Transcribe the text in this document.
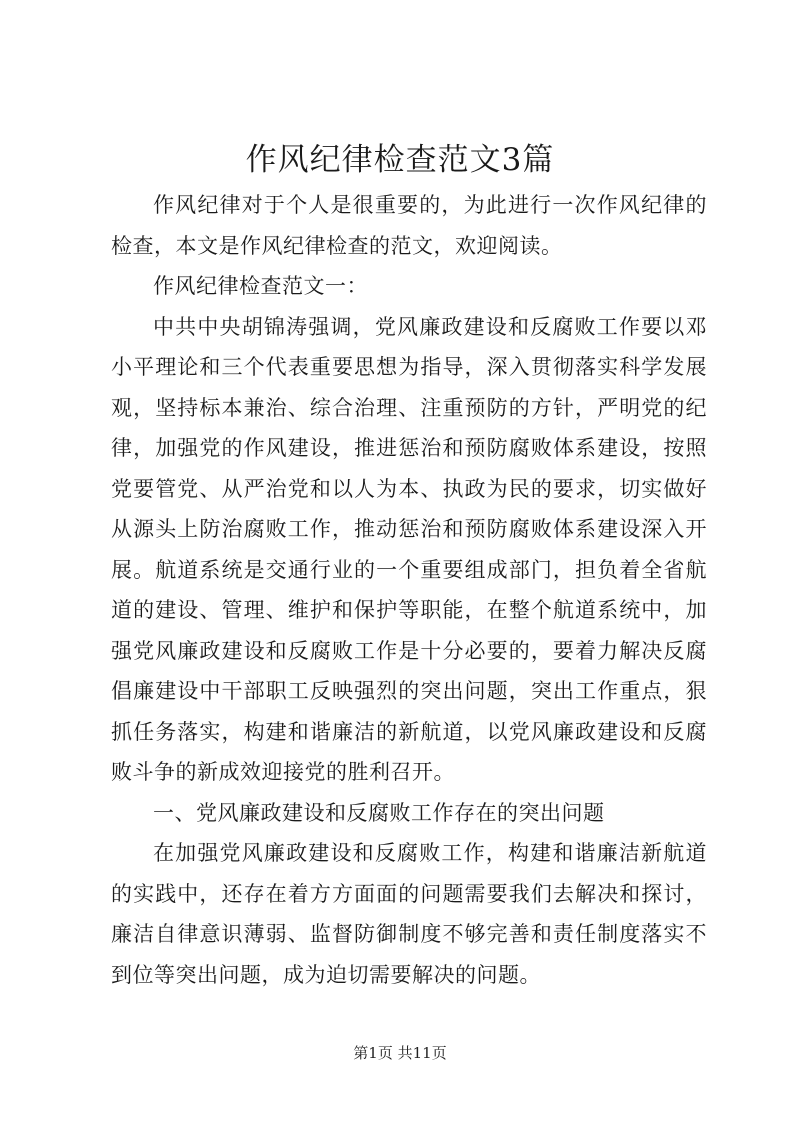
作风纪律检查范文3篇

作风纪律对于个人是很重要的，为此进行一次作风纪律的检查，本文是作风纪律检查的范文，欢迎阅读。

作风纪律检查范文一：

中共中央胡锦涛强调，党风廉政建设和反腐败工作要以邓小平理论和三个代表重要思想为指导，深入贯彻落实科学发展观，坚持标本兼治、综合治理、注重预防的方针，严明党的纪律，加强党的作风建设，推进惩治和预防腐败体系建设，按照党要管党、从严治党和以人为本、执政为民的要求，切实做好从源头上防治腐败工作，推动惩治和预防腐败体系建设深入开展。航道系统是交通行业的一个重要组成部门，担负着全省航道的建设、管理、维护和保护等职能，在整个航道系统中，加强党风廉政建设和反腐败工作是十分必要的，要着力解决反腐倡廉建设中干部职工反映强烈的突出问题，突出工作重点，狠抓任务落实，构建和谐廉洁的新航道，以党风廉政建设和反腐败斗争的新成效迎接党的胜利召开。

一、党风廉政建设和反腐败工作存在的突出问题

在加强党风廉政建设和反腐败工作，构建和谐廉洁新航道的实践中，还存在着方方面面的问题需要我们去解决和探讨，廉洁自律意识薄弱、监督防御制度不够完善和责任制度落实不到位等突出问题，成为迫切需要解决的问题。

第1页 共11页
